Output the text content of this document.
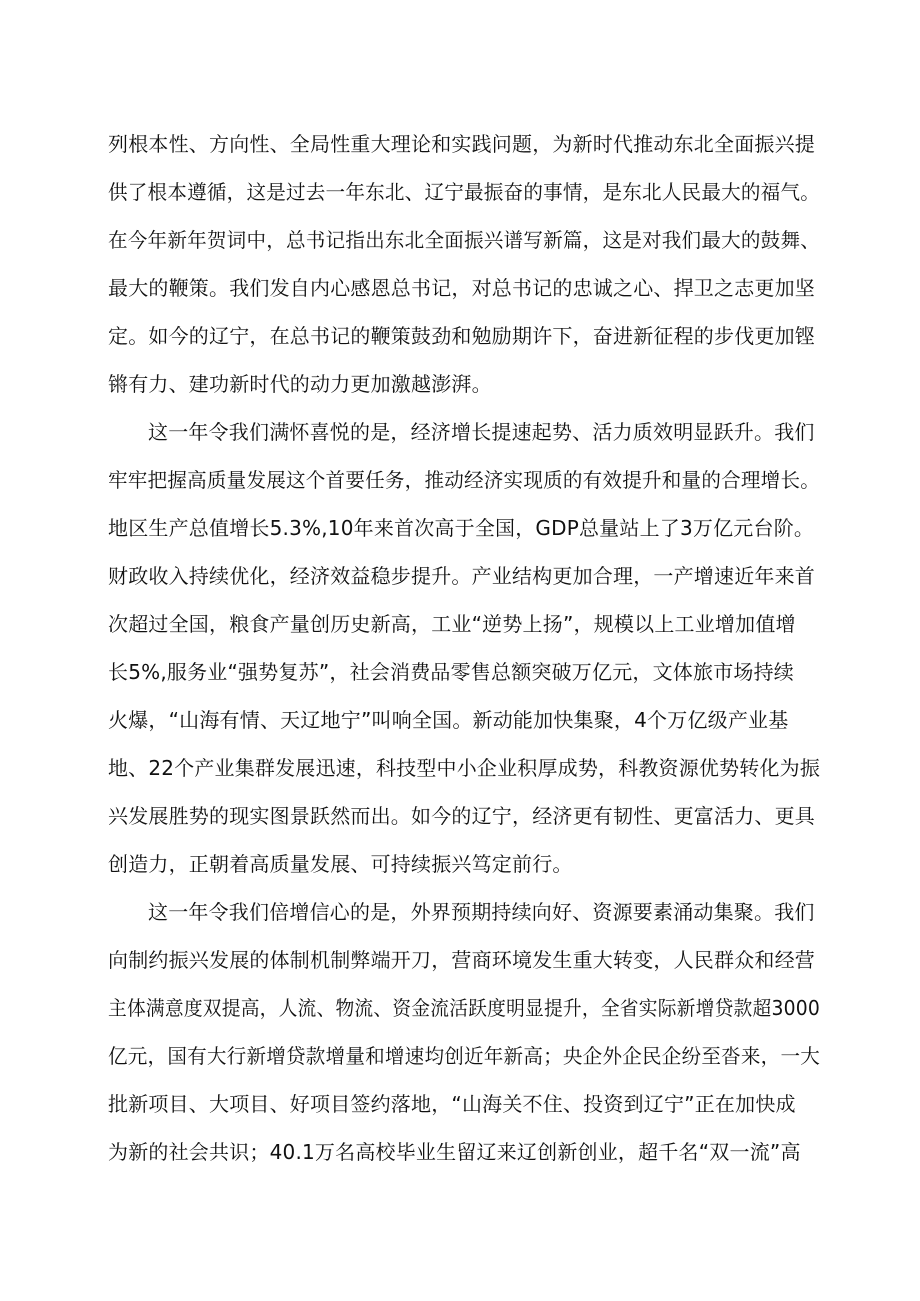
列根本性、方向性、全局性重大理论和实践问题，为新时代推动东北全面振兴提
供了根本遵循，这是过去一年东北、辽宁最振奋的事情，是东北人民最大的福气。
在今年新年贺词中，总书记指出东北全面振兴谱写新篇，这是对我们最大的鼓舞、
最大的鞭策。我们发自内心感恩总书记，对总书记的忠诚之心、捍卫之志更加坚
定。如今的辽宁，在总书记的鞭策鼓劲和勉励期许下，奋进新征程的步伐更加铿
锵有力、建功新时代的动力更加激越澎湃。
这一年令我们满怀喜悦的是，经济增长提速起势、活力质效明显跃升。我们
牢牢把握高质量发展这个首要任务，推动经济实现质的有效提升和量的合理增长。
地区生产总值增长5.3%,10年来首次高于全国，GDP总量站上了3万亿元台阶。
财政收入持续优化，经济效益稳步提升。产业结构更加合理，一产增速近年来首
次超过全国，粮食产量创历史新高，工业“逆势上扬”，规模以上工业增加值增
长5%,服务业“强势复苏”，社会消费品零售总额突破万亿元，文体旅市场持续
火爆，“山海有情、天辽地宁”叫响全国。新动能加快集聚，4个万亿级产业基
地、22个产业集群发展迅速，科技型中小企业积厚成势，科教资源优势转化为振
兴发展胜势的现实图景跃然而出。如今的辽宁，经济更有韧性、更富活力、更具
创造力，正朝着高质量发展、可持续振兴笃定前行。
这一年令我们倍增信心的是，外界预期持续向好、资源要素涌动集聚。我们
向制约振兴发展的体制机制弊端开刀，营商环境发生重大转变，人民群众和经营
主体满意度双提高，人流、物流、资金流活跃度明显提升，全省实际新增贷款超3000
亿元，国有大行新增贷款增量和增速均创近年新高；央企外企民企纷至沓来，一大
批新项目、大项目、好项目签约落地，“山海关不住、投资到辽宁”正在加快成
为新的社会共识；40.1万名高校毕业生留辽来辽创新创业，超千名“双一流”高
